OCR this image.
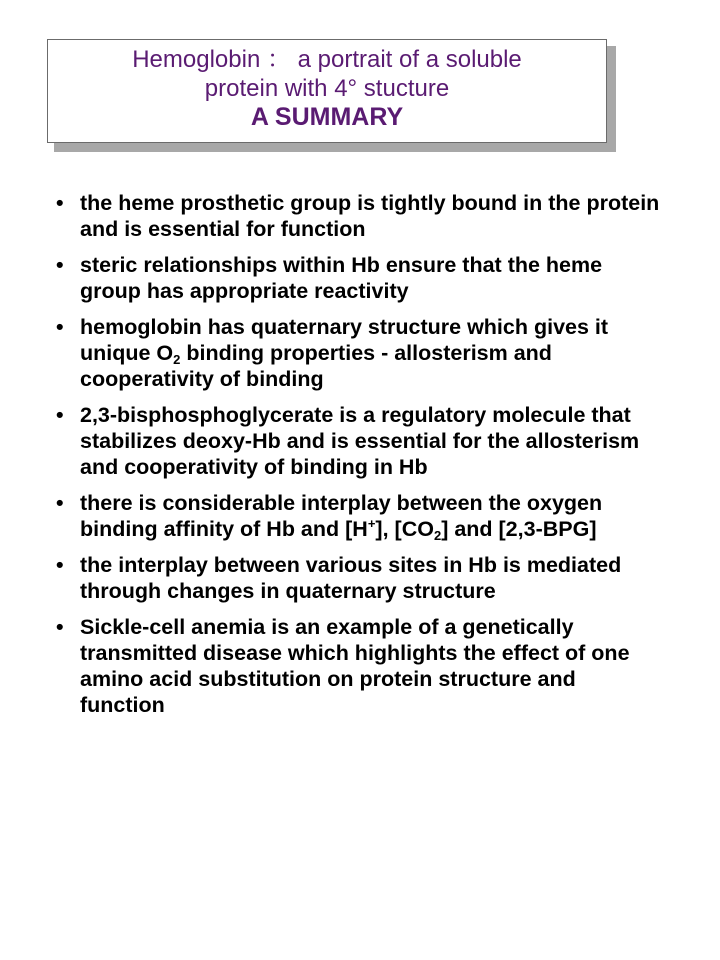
Hemoglobin ： a portrait of a soluble
protein with 4° stucture
A SUMMARY
• the heme prosthetic group is tightly bound in the protein and is essential for function
• steric relationships within Hb ensure that the heme group has appropriate reactivity
• hemoglobin has quaternary structure which gives it unique $O_2$ binding properties - allosterism and cooperativity of binding
• 2,3-bisphosphoglycerate is a regulatory molecule that stabilizes deoxy-Hb and is essential for the allosterism and cooperativity of binding in Hb
• there is considerable interplay between the oxygen binding affinity of Hb and [H+], $[CO_2]$ and [2,3-BPG]
• the interplay between various sites in Hb is mediated through changes in quaternary structure
• Sickle-cell anemia is an example of a genetically transmitted disease which highlights the effect of one amino acid substitution on protein structure and function
